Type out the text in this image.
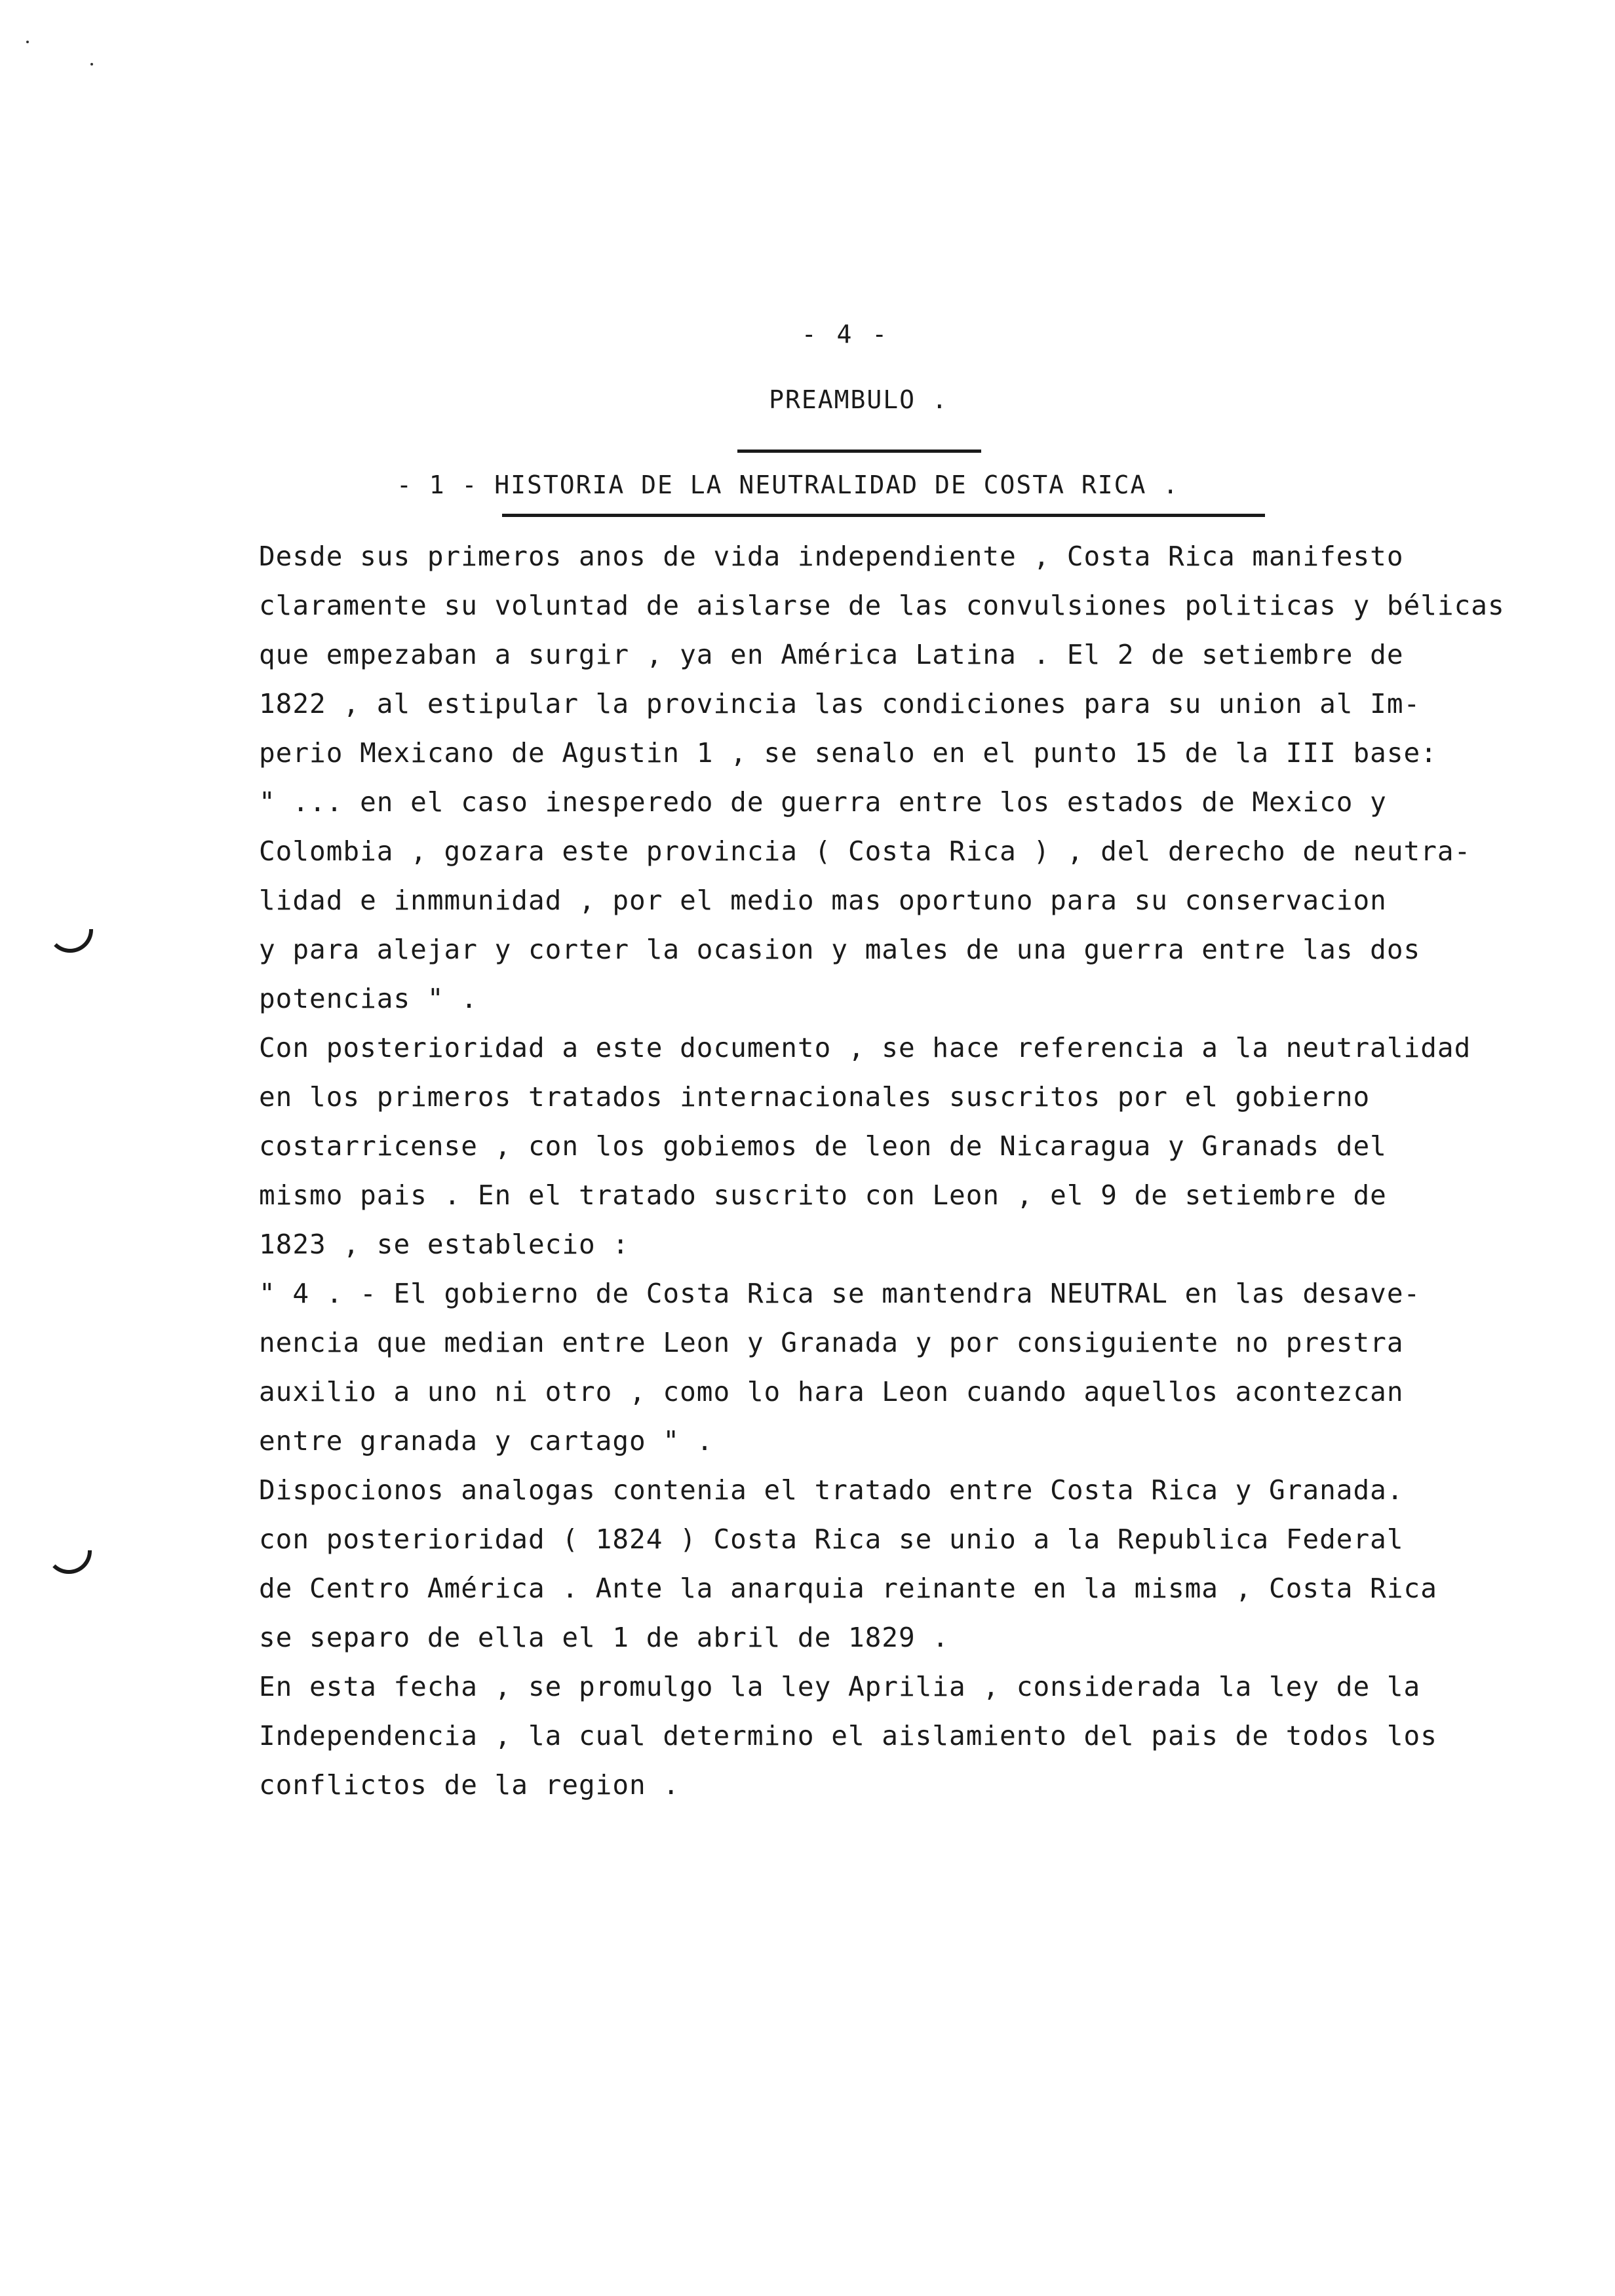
- 4 -
PREAMBULO .
- 1 - HISTORIA DE LA NEUTRALIDAD DE COSTA RICA .
Desde sus primeros anos de vida independiente , Costa Rica manifesto
claramente su voluntad de aislarse de las convulsiones politicas y bélicas
que empezaban a surgir , ya en América Latina . El 2 de setiembre de
1822 , al estipular la provincia las condiciones para su union al Im-
perio Mexicano de Agustin 1 , se senalo en el punto 15 de la III base:
" ... en el caso inesperedo de guerra entre los estados de Mexico y
Colombia , gozara este provincia ( Costa Rica ) , del derecho de neutra-
lidad e inmmunidad , por el medio mas oportuno para su conservacion
y para alejar y corter la ocasion y males de una guerra entre las dos
potencias " .
Con posterioridad a este documento , se hace referencia a la neutralidad
en los primeros tratados internacionales suscritos por el gobierno
costarricense , con los gobiemos de leon de Nicaragua y Granads del
mismo pais . En el tratado suscrito con Leon , el 9 de setiembre de
1823 , se establecio :
" 4 . - El gobierno de Costa Rica se mantendra NEUTRAL en las desave-
nencia que median entre Leon y Granada y por consiguiente no prestra
auxilio a uno ni otro , como lo hara Leon cuando aquellos acontezcan
entre granada y cartago " .
Dispocionos analogas contenia el tratado entre Costa Rica y Granada.
con posterioridad ( 1824 ) Costa Rica se unio a la Republica Federal
de Centro América . Ante la anarquia reinante en la misma , Costa Rica
se separo de ella el 1 de abril de 1829 .
En esta fecha , se promulgo la ley Aprilia , considerada la ley de la
Independencia , la cual determino el aislamiento del pais de todos los
conflictos de la region .
